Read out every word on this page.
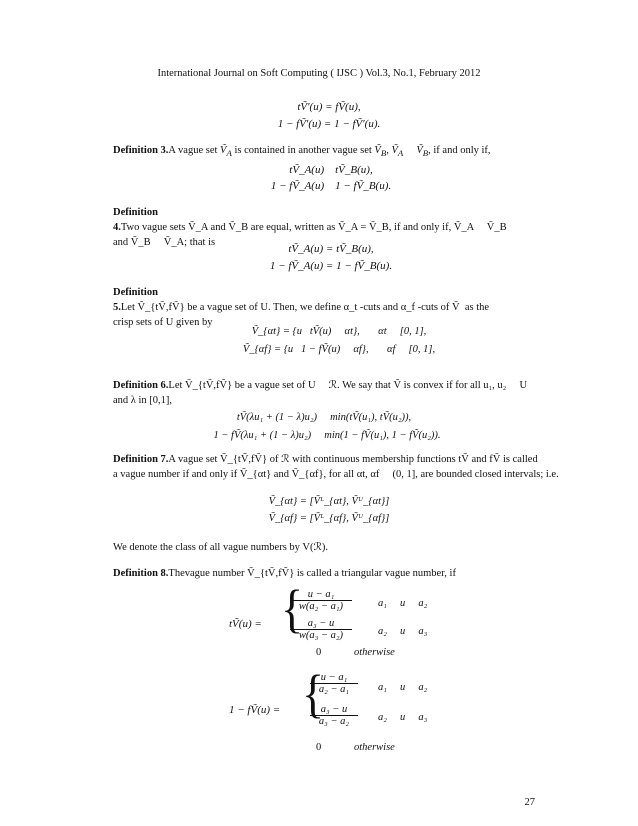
International Journal on Soft Computing ( IJSC ) Vol.3, No.1, February 2012
tṼ′(u) = fṼ(u),
1 − fṼ′(u) = 1 − fṼ′(u).
Definition 3.A vague set Ṽ$_A$ is contained in another vague set Ṽ$_B$, Ṽ$_A$ Ṽ$_B$, if and only if,
tṼ_A(u)    tṼ_B(u),
1 − fṼ_A(u)    1 − fṼ_B(u).
Definition 4.Two vague sets Ṽ_A and Ṽ_B are equal, written as Ṽ_A = Ṽ_B, if and only if, Ṽ_A     Ṽ_B
and Ṽ_B     Ṽ_A; that is
tṼ_A(u) = tṼ_B(u),
1 − fṼ_A(u) = 1 − fṼ_B(u).
Definition 5.Let Ṽ_{tṼ,fṼ} be a vague set of U. Then, we define α_t -cuts and α_f -cuts of Ṽ  as the
crisp sets of U given by
Ṽ_{αt} = {u   tṼ(u)     αt},       αt     [0, 1],
Ṽ_{αf} = {u   1 − fṼ(u)     αf},       αf     [0, 1],
Definition 6.Let Ṽ_{tṼ,fṼ} be a vague set of U     ℛ. We say that Ṽ is convex if for all u₁, u₂     U
and λ in [0,1],
tṼ(λu₁ + (1 − λ)u₂)     min(tṼ(u₁), tṼ(u₂)),
1 − fṼ(λu₁ + (1 − λ)u₂)     min(1 − fṼ(u₁), 1 − fṼ(u₂)).
Definition 7.A vague set Ṽ_{tṼ,fṼ} of ℛ with continuous membership functions tṼ and fṼ is called
a vague number if and only if Ṽ_{αt} and Ṽ_{αf}, for all αt, αf     (0, 1], are bounded closed intervals; i.e.
Ṽ_{αt} = [Ṽᴸ_{αt}, Ṽᵁ_{αt}]
Ṽ_{αf} = [Ṽᴸ_{αf}, Ṽᵁ_{αf}]
We denote the class of all vague numbers by V(ℛ).
Definition 8.Thevague number Ṽ_{tṼ,fṼ} is called a triangular vague number, if
tṼ(u) = {
$\frac{\text{u − a₁}}{\text{w(a₂ − a₁)}} a_1$     u     a₂
$\frac{\text{a₃ − u}}{\text{w(a₃ − a₂)}} a_2$     u     a₃
0	otherwise
1 − fṼ(u) = {
$\frac{\text{u − a₁}}{\text{a₂ − a₁}} a_1$     u     a₂
$\frac{\text{a₃ − u}}{\text{a₃ − a₂}} a_2$     u     a₃
0	otherwise
27
